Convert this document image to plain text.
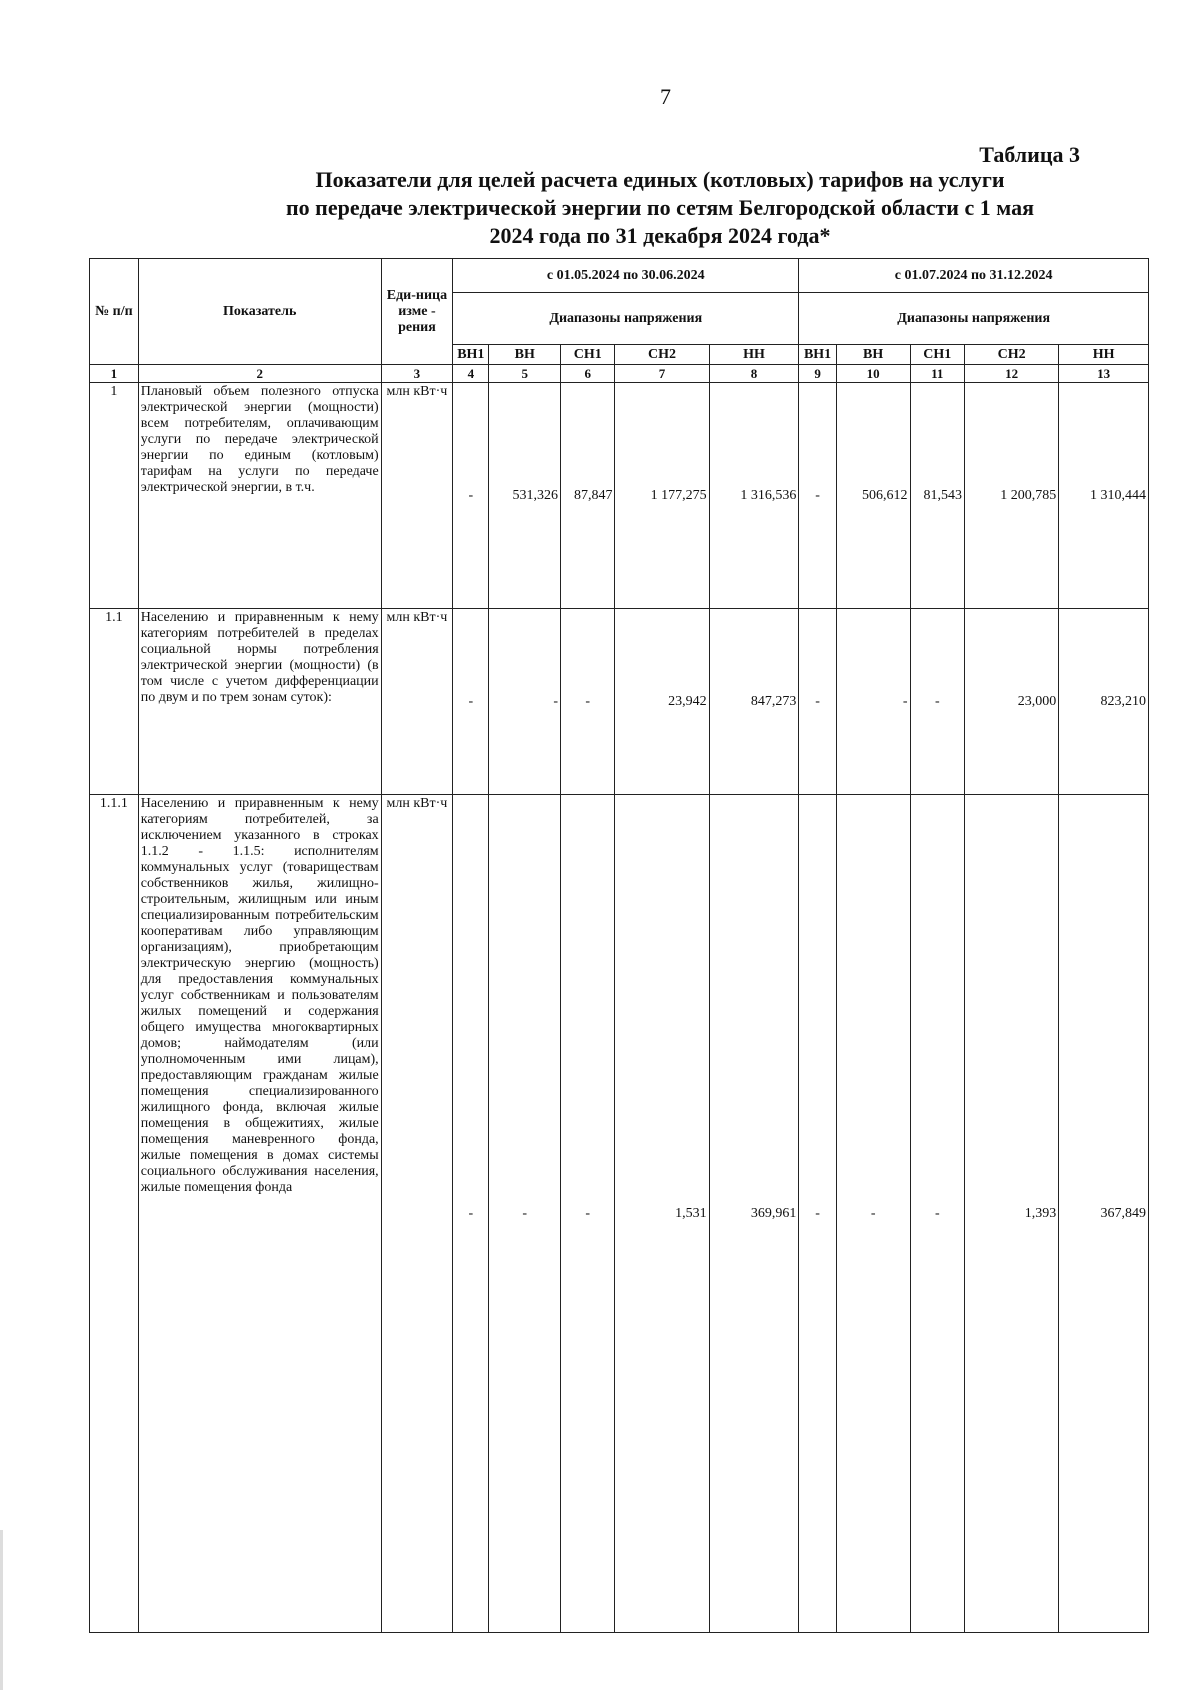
7
Таблица 3
Показатели для целей расчета единых (котловых) тарифов на услуги
по передаче электрической энергии по сетям Белгородской области с 1 мая
2024 года по 31 декабря 2024 года*
№ п/п	Показатель	Еди-ница изме - рения	с 01.05.2024 по 30.06.2024					с 01.07.2024 по 31.12.2024				
			Диапазоны напряжения					Диапазоны напряжения				
			ВН1	ВН	СН1	СН2	НН	ВН1	ВН	СН1	СН2	НН
1	2	3	4	5	6	7	8	9	10	11	12	13
1	Плановый объем полезного отпуска электрической энергии (мощности) всем потребителям, оплачивающим услуги по передаче электрической энергии по единым (котловым) тарифам на услуги по передаче электрической энергии, в т.ч.	млн кВт·ч	-	531,326	87,847	1 177,275	1 316,536	-	506,612	81,543	1 200,785	1 310,444
1.1	Населению и приравненным к нему категориям потребителей в пределах социальной нормы потребления электрической энергии (мощности) (в том числе с учетом дифференциации по двум и по трем зонам суток):	млн кВт·ч	-	-	-	23,942	847,273	-	-	-	23,000	823,210
1.1.1	Населению и приравненным к нему категориям потребителей, за исключением указанного в строках 1.1.2 - 1.1.5: исполнителям коммунальных услуг (товариществам собственников жилья, жилищно-строительным, жилищным или иным специализированным потребительским кооперативам либо управляющим организациям), приобретающим электрическую энергию (мощность) для предоставления коммунальных услуг собственникам и пользователям жилых помещений и содержания общего имущества многоквартирных домов; наймодателям (или уполномоченным ими лицам), предоставляющим гражданам жилые помещения специализированного жилищного фонда, включая жилые помещения в общежитиях, жилые помещения маневренного фонда, жилые помещения в домах системы социального обслуживания населения, жилые помещения фонда	млн кВт·ч	-	-	-	1,531	369,961	-	-	-	1,393	367,849
